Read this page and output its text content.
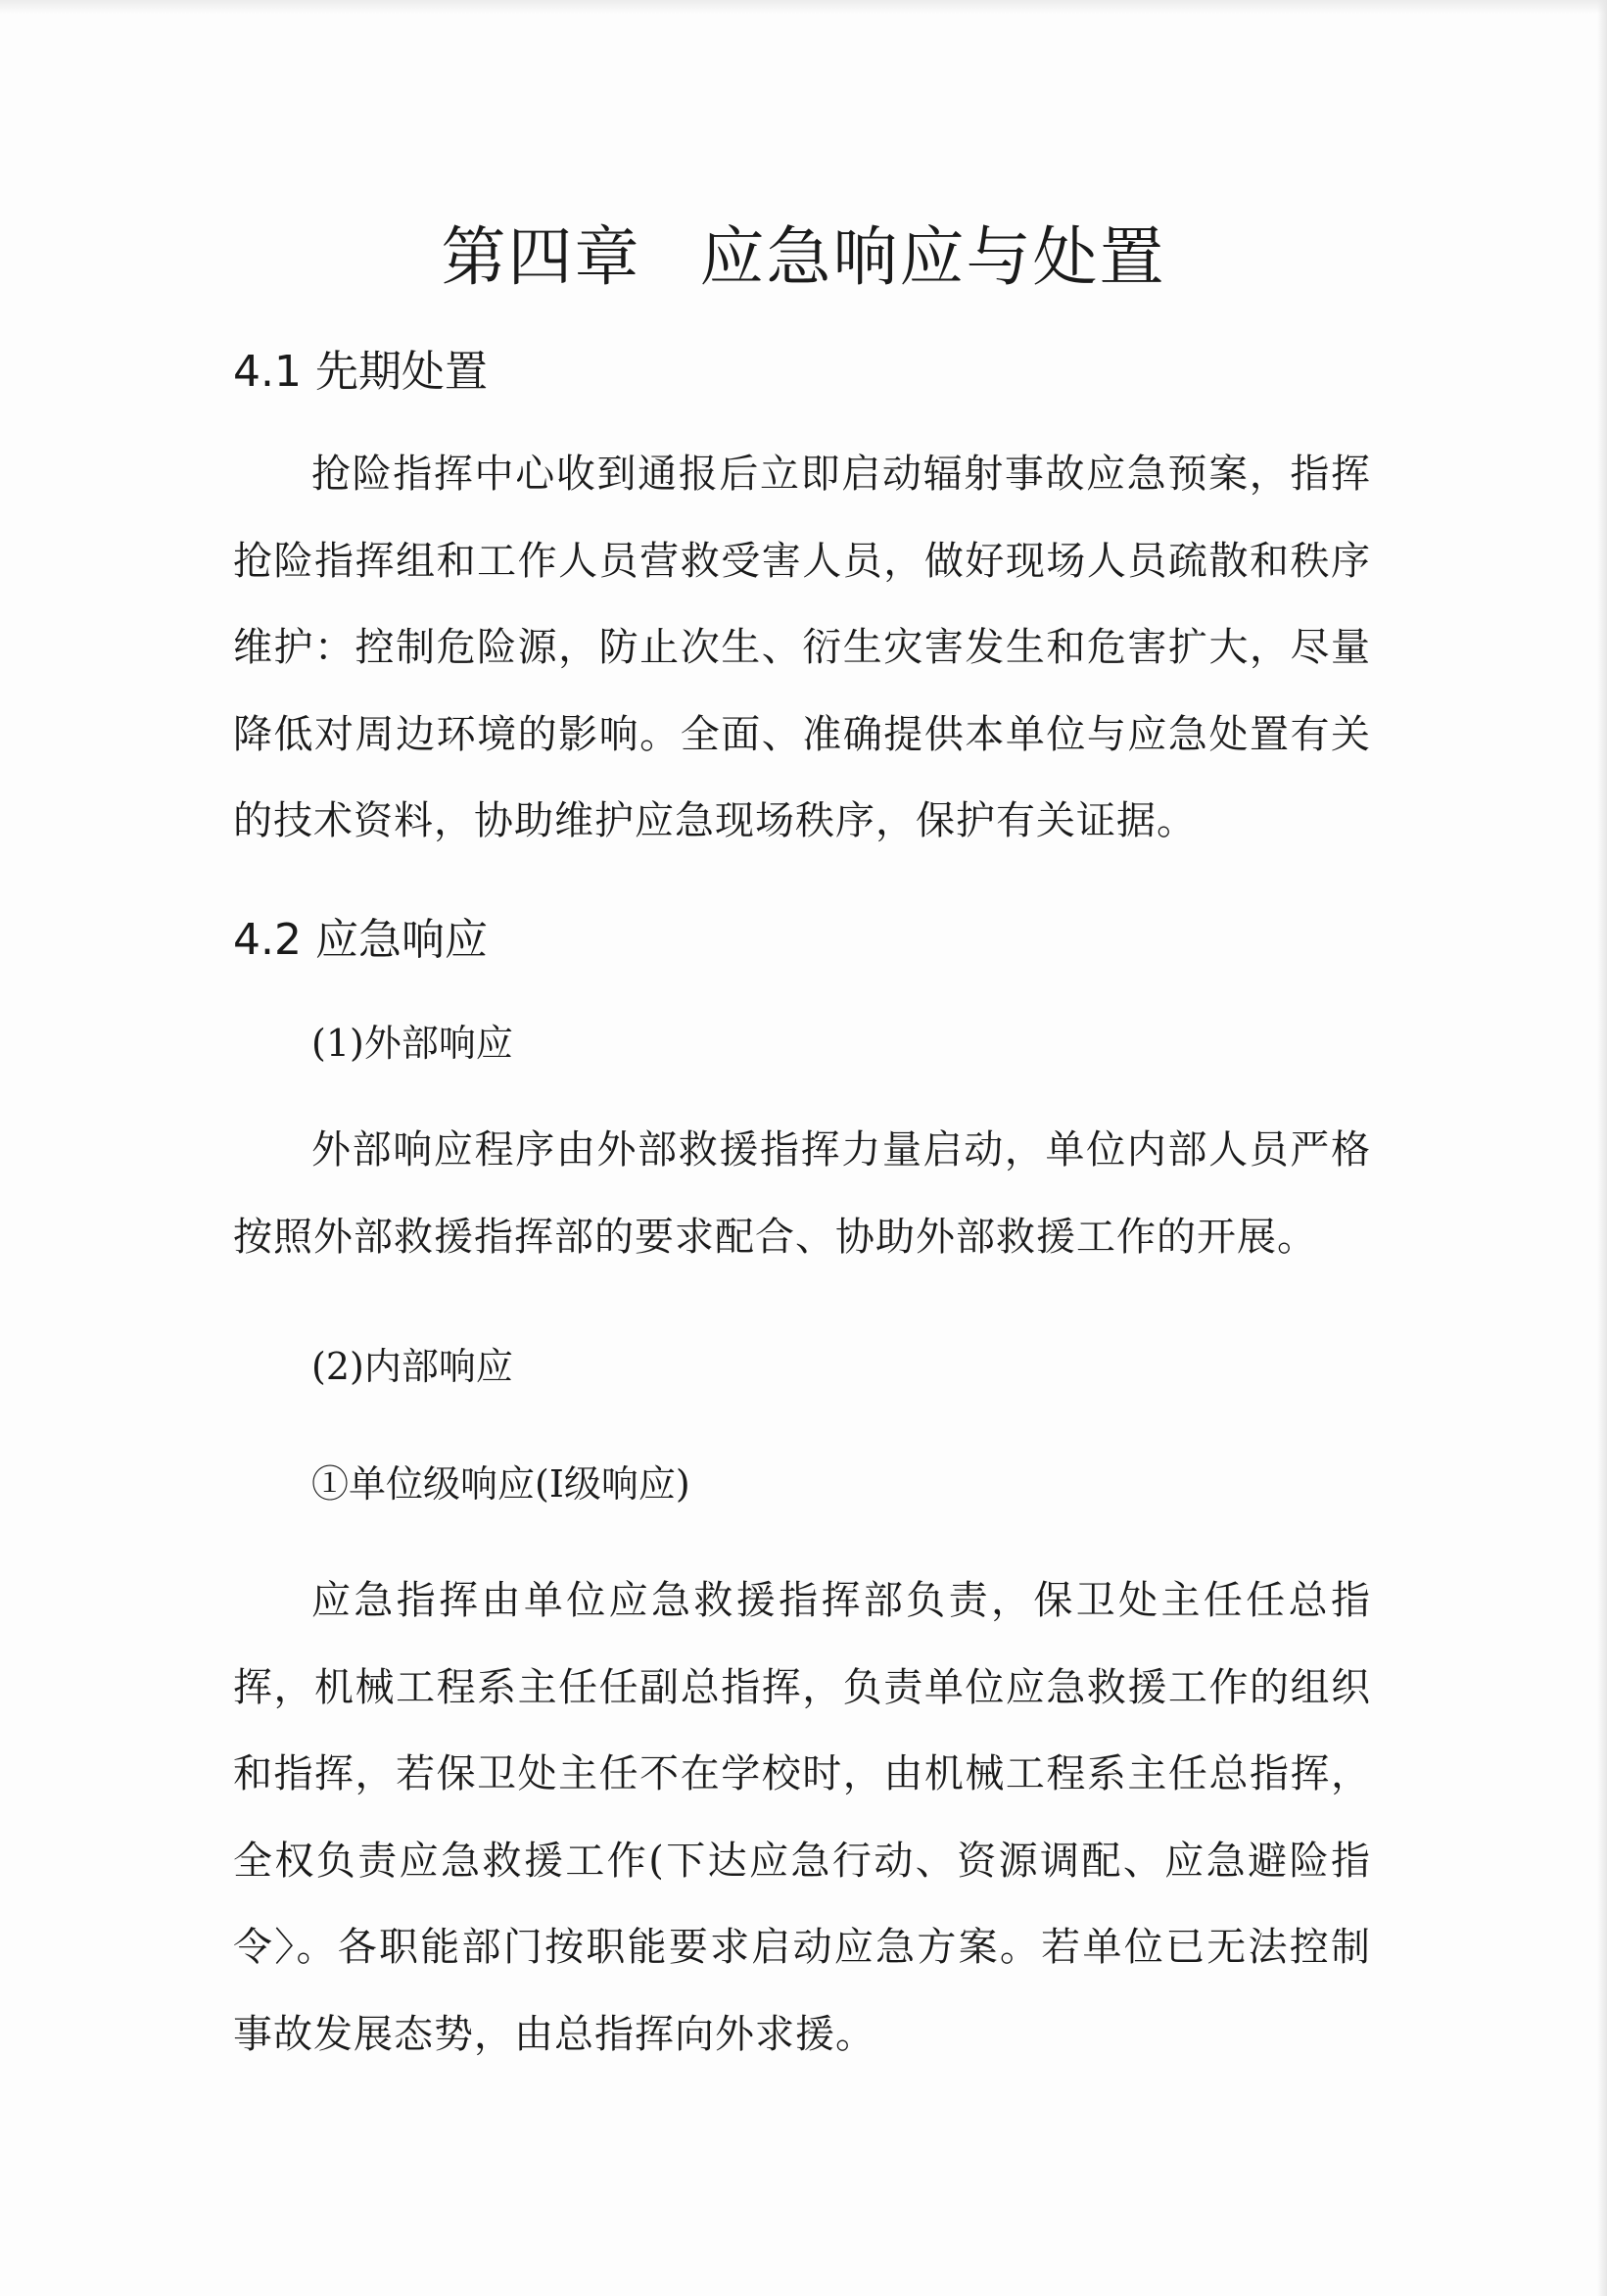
第四章 应急响应与处置
4.1 先期处置

抢险指挥中心收到通报后立即启动辐射事故应急预案，指挥抢险指挥组和工作人员营救受害人员，做好现场人员疏散和秩序维护：控制危险源，防止次生、衍生灾害发生和危害扩大，尽量降低对周边环境的影响。全面、准确提供本单位与应急处置有关的技术资料，协助维护应急现场秩序，保护有关证据。

4.2 应急响应

(1)外部响应

外部响应程序由外部救援指挥力量启动，单位内部人员严格按照外部救援指挥部的要求配合、协助外部救援工作的开展。

(2)内部响应

①单位级响应(Ⅰ级响应)

应急指挥由单位应急救援指挥部负责，保卫处主任任总指挥，机械工程系主任任副总指挥，负责单位应急救援工作的组织和指挥，若保卫处主任不在学校时，由机械工程系主任总指挥，全权负责应急救援工作(下达应急行动、资源调配、应急避险指令〉。各职能部门按职能要求启动应急方案。若单位已无法控制事故发展态势，由总指挥向外求援。
